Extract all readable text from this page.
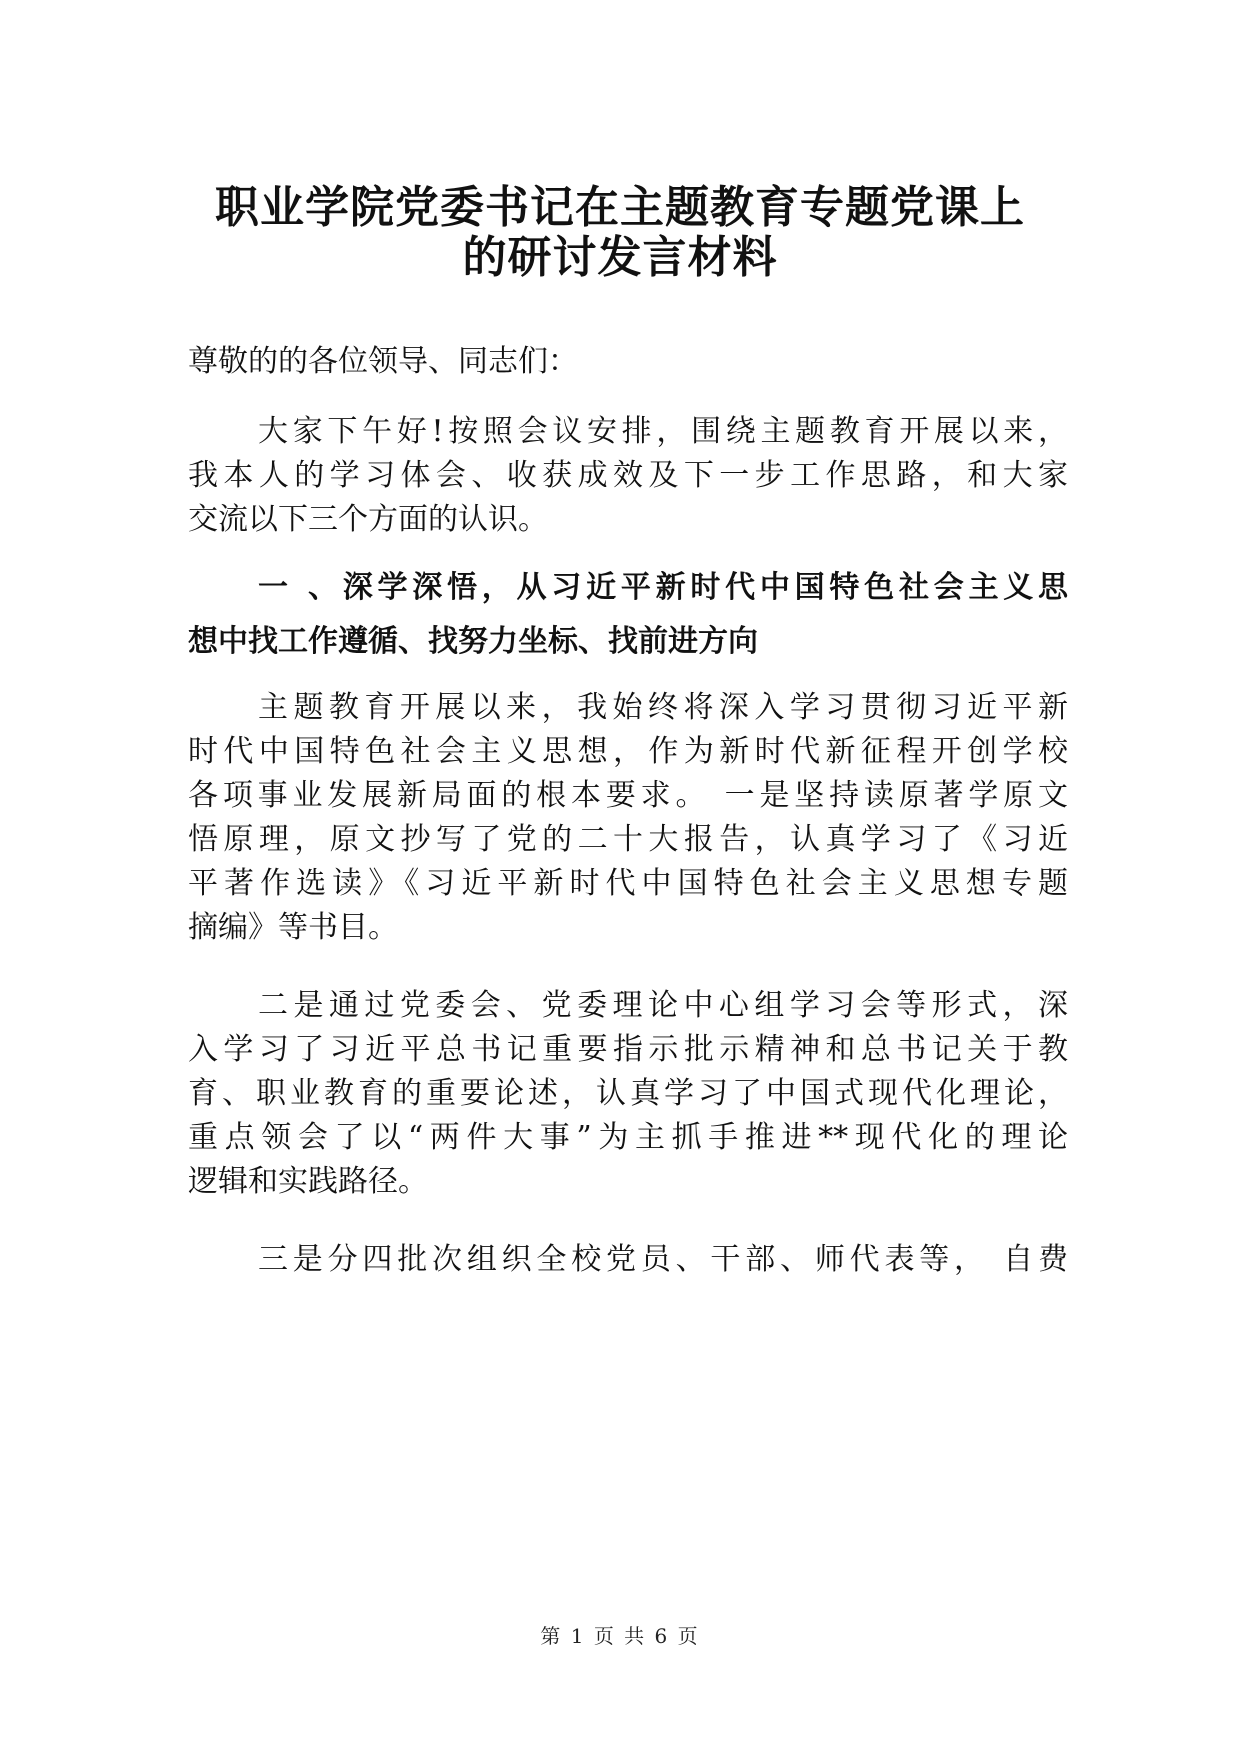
职业学院党委书记在主题教育专题党课上
的研讨发言材料

尊敬的的各位领导、同志们：

大家下午好!按照会议安排，围绕主题教育开展以来，

我本人的学习体会、收获成效及下一步工作思路，和大家

交流以下三个方面的认识。

一 、深学深悟，从习近平新时代中国特色社会主义思

想中找工作遵循、找努力坐标、找前进方向

主题教育开展以来，我始终将深入学习贯彻习近平新

时代中国特色社会主义思想，作为新时代新征程开创学校

各项事业发展新局面的根本要求。 一是坚持读原著学原文

悟原理，原文抄写了党的二十大报告，认真学习了《习近

平著作选读》《习近平新时代中国特色社会主义思想专题

摘编》等书目。

二是通过党委会、党委理论中心组学习会等形式，深

入学习了习近平总书记重要指示批示精神和总书记关于教

育、职业教育的重要论述，认真学习了中国式现代化理论，

重点领会了以“两件大事”为主抓手推进**现代化的理论

逻辑和实践路径。

三是分四批次组织全校党员、干部、师代表等， 自费

第 1 页 共 6 页
